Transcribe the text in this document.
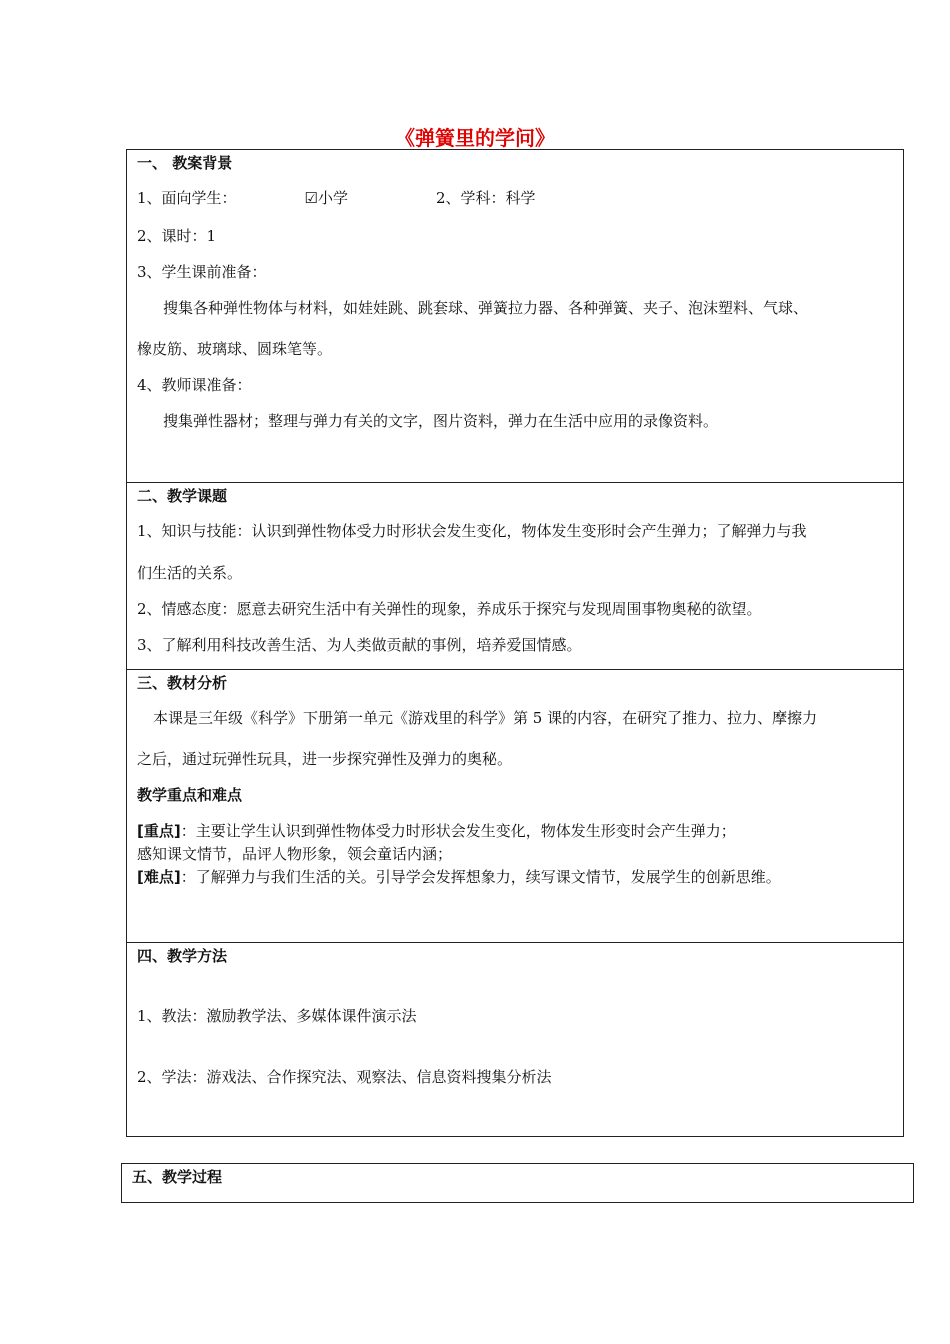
《弹簧里的学问》
一、 教案背景
1、面向学生：	☑小学	2、学科：科学
2、课时：1
3、学生课前准备：
搜集各种弹性物体与材料，如娃娃跳、跳套球、弹簧拉力器、各种弹簧、夹子、泡沫塑料、气球、
橡皮筋、玻璃球、圆珠笔等。
4、教师课准备：
搜集弹性器材；整理与弹力有关的文字，图片资料，弹力在生活中应用的录像资料。
二、教学课题
1、知识与技能：认识到弹性物体受力时形状会发生变化，物体发生变形时会产生弹力；了解弹力与我
们生活的关系。
2、情感态度：愿意去研究生活中有关弹性的现象，养成乐于探究与发现周围事物奥秘的欲望。
3、了解利用科技改善生活、为人类做贡献的事例，培养爱国情感。
三、教材分析
本课是三年级《科学》下册第一单元《游戏里的科学》第 5 课的内容，在研究了推力、拉力、摩擦力
之后，通过玩弹性玩具，进一步探究弹性及弹力的奥秘。
教学重点和难点
[重点]：主要让学生认识到弹性物体受力时形状会发生变化，物体发生形变时会产生弹力；
感知课文情节，品评人物形象，领会童话内涵；
[难点]：了解弹力与我们生活的关。引导学会发挥想象力，续写课文情节，发展学生的创新思维。
四、教学方法
1、教法：激励教学法、多媒体课件演示法
2、学法：游戏法、合作探究法、观察法、信息资料搜集分析法
五、教学过程
